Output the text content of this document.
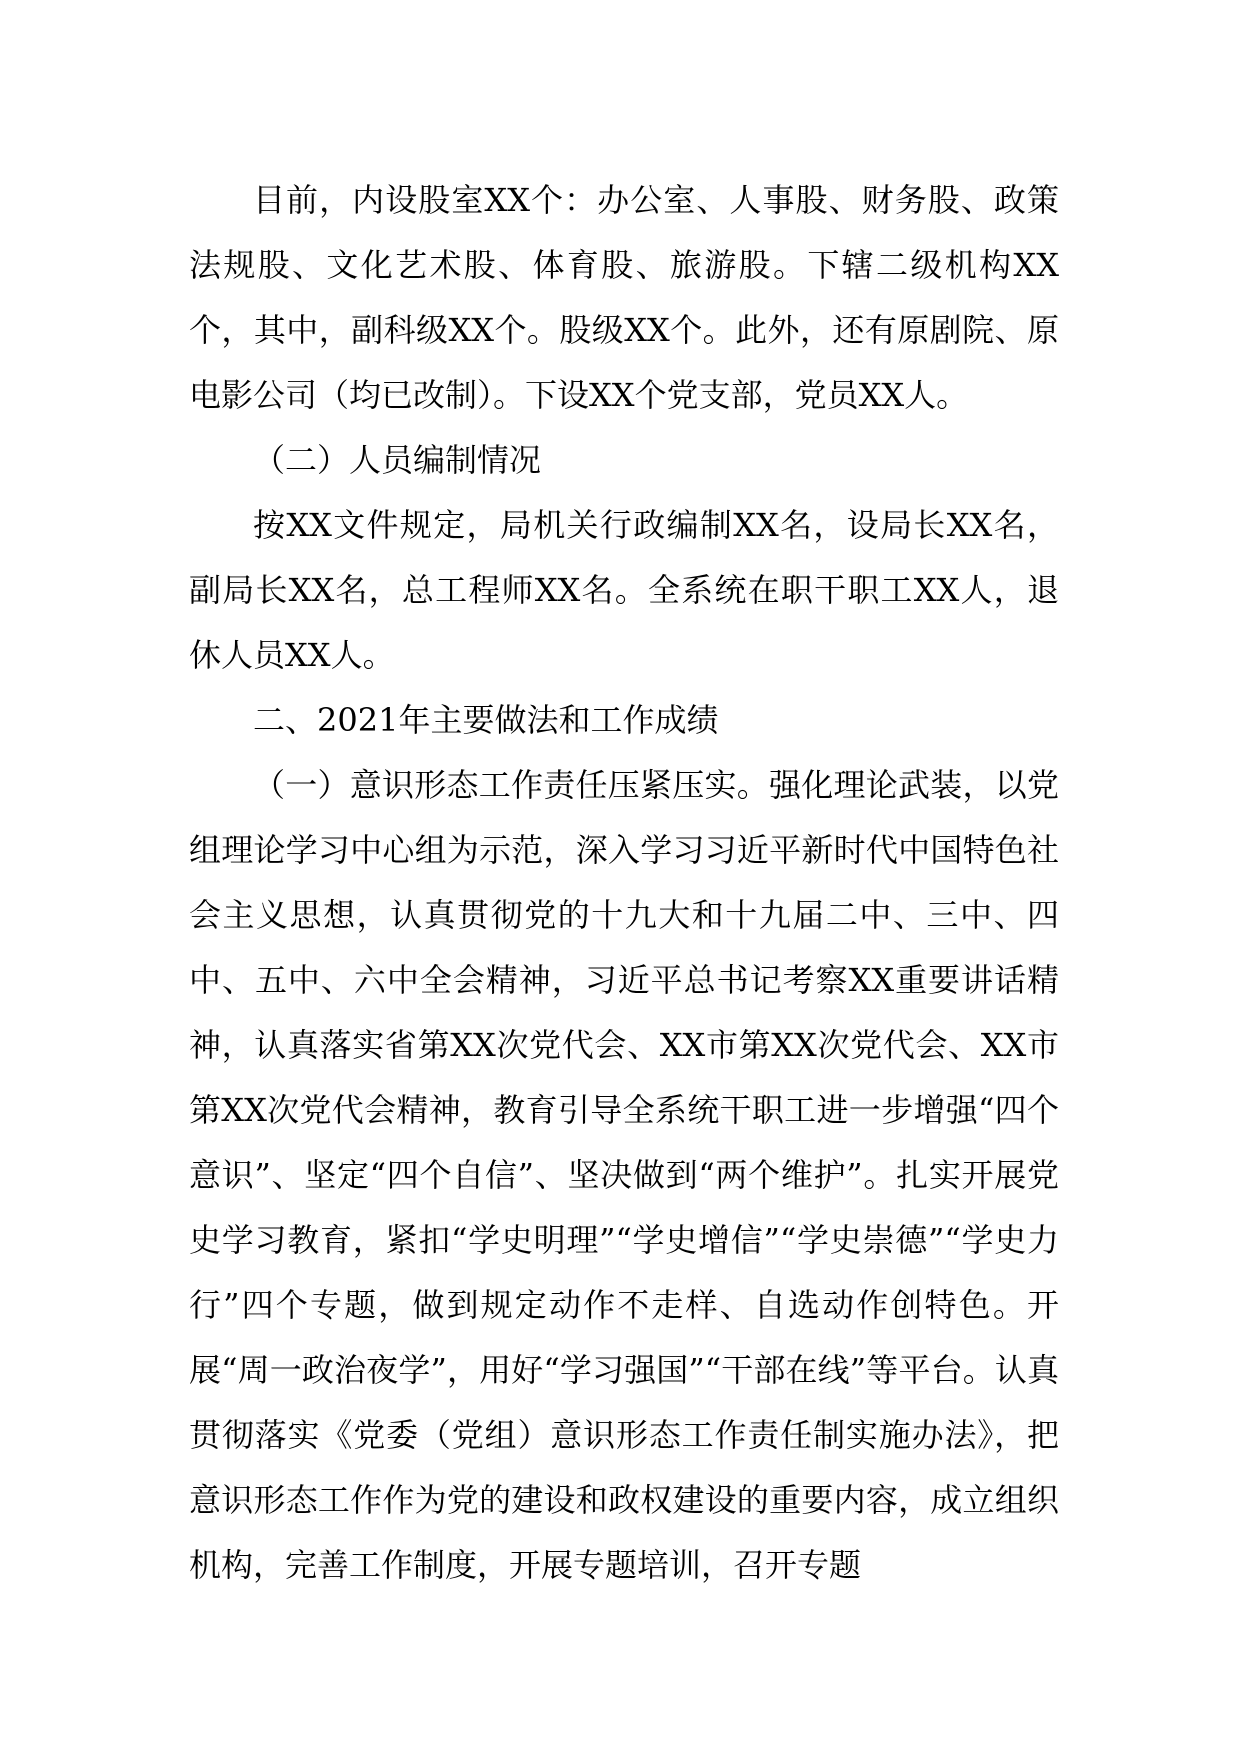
目前，内设股室XX个：办公室、人事股、财务股、政策法规股、文化艺术股、体育股、旅游股。下辖二级机构XX个，其中，副科级XX个。股级XX个。此外，还有原剧院、原电影公司（均已改制）。下设XX个党支部，党员XX人。

（二）人员编制情况

按XX文件规定，局机关行政编制XX名，设局长XX名，副局长XX名，总工程师XX名。全系统在职干职工XX人，退休人员XX人。

二、2021年主要做法和工作成绩

（一）意识形态工作责任压紧压实。强化理论武装，以党组理论学习中心组为示范，深入学习习近平新时代中国特色社会主义思想，认真贯彻党的十九大和十九届二中、三中、四中、五中、六中全会精神，习近平总书记考察XX重要讲话精神，认真落实省第XX次党代会、XX市第XX次党代会、XX市第XX次党代会精神，教育引导全系统干职工进一步增强“四个意识”、坚定“四个自信”、坚决做到“两个维护”。扎实开展党史学习教育，紧扣“学史明理”“学史增信”“学史崇德”“学史力行”四个专题，做到规定动作不走样、自选动作创特色。开展“周一政治夜学”，用好“学习强国”“干部在线”等平台。认真贯彻落实《党委（党组）意识形态工作责任制实施办法》，把意识形态工作作为党的建设和政权建设的重要内容，成立组织机构，完善工作制度，开展专题培训，召开专题
